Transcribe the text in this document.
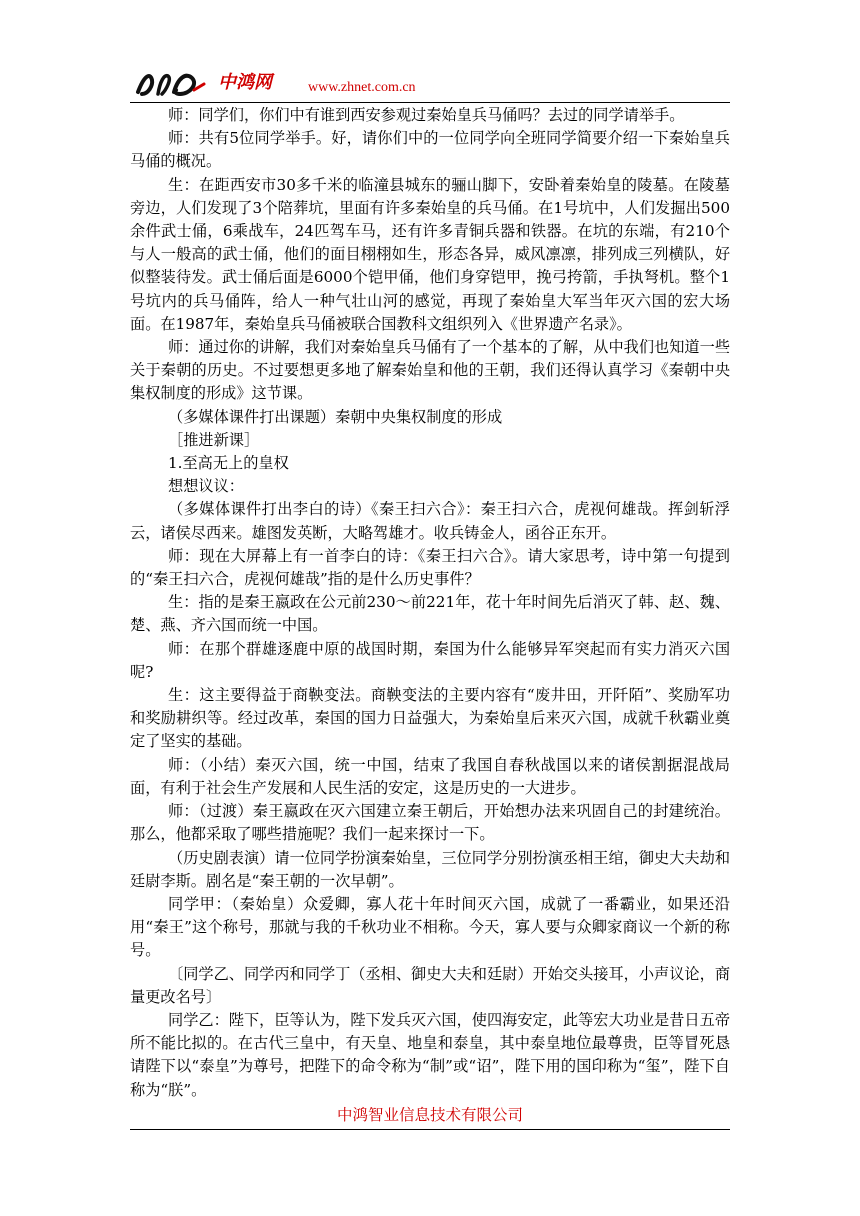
中鸿网	www.zhnet.com.cn

师：同学们，你们中有谁到西安参观过秦始皇兵马俑吗？去过的同学请举手。

师：共有5位同学举手。好，请你们中的一位同学向全班同学简要介绍一下秦始皇兵马俑的概况。

生：在距西安市30多千米的临潼县城东的骊山脚下，安卧着秦始皇的陵墓。在陵墓旁边，人们发现了3个陪葬坑，里面有许多秦始皇的兵马俑。在1号坑中，人们发掘出500余件武士俑，6乘战车，24匹驾车马，还有许多青铜兵器和铁器。在坑的东端，有210个与人一般高的武士俑，他们的面目栩栩如生，形态各异，威风凛凛，排列成三列横队，好似整装待发。武士俑后面是6000个铠甲俑，他们身穿铠甲，挽弓挎箭，手执弩机。整个1号坑内的兵马俑阵，给人一种气壮山河的感觉，再现了秦始皇大军当年灭六国的宏大场面。在1987年，秦始皇兵马俑被联合国教科文组织列入《世界遗产名录》。

师：通过你的讲解，我们对秦始皇兵马俑有了一个基本的了解，从中我们也知道一些关于秦朝的历史。不过要想更多地了解秦始皇和他的王朝，我们还得认真学习《秦朝中央集权制度的形成》这节课。

（多媒体课件打出课题）秦朝中央集权制度的形成

［推进新课］

1.至高无上的皇权

想想议议：

（多媒体课件打出李白的诗）《秦王扫六合》：秦王扫六合，虎视何雄哉。挥剑斩浮云，诸侯尽西来。雄图发英断，大略驾雄才。收兵铸金人，函谷正东开。

师：现在大屏幕上有一首李白的诗：《秦王扫六合》。请大家思考，诗中第一句提到的“秦王扫六合，虎视何雄哉”指的是什么历史事件？

生：指的是秦王嬴政在公元前230～前221年，花十年时间先后消灭了韩、赵、魏、楚、燕、齐六国而统一中国。

师：在那个群雄逐鹿中原的战国时期，秦国为什么能够异军突起而有实力消灭六国呢?

生：这主要得益于商鞅变法。商鞅变法的主要内容有“废井田，开阡陌”、奖励军功和奖励耕织等。经过改革，秦国的国力日益强大，为秦始皇后来灭六国，成就千秋霸业奠定了坚实的基础。

师：（小结）秦灭六国，统一中国，结束了我国自春秋战国以来的诸侯割据混战局面，有利于社会生产发展和人民生活的安定，这是历史的一大进步。

师：（过渡）秦王嬴政在灭六国建立秦王朝后，开始想办法来巩固自己的封建统治。那么，他都采取了哪些措施呢？我们一起来探讨一下。

（历史剧表演）请一位同学扮演秦始皇，三位同学分别扮演丞相王绾，御史大夫劫和廷尉李斯。剧名是“秦王朝的一次早朝”。

同学甲：（秦始皇）众爱卿，寡人花十年时间灭六国，成就了一番霸业，如果还沿用“秦王”这个称号，那就与我的千秋功业不相称。今天，寡人要与众卿家商议一个新的称号。

〔同学乙、同学丙和同学丁（丞相、御史大夫和廷尉）开始交头接耳，小声议论，商量更改名号〕

同学乙：陛下，臣等认为，陛下发兵灭六国，使四海安定，此等宏大功业是昔日五帝所不能比拟的。在古代三皇中，有天皇、地皇和泰皇，其中泰皇地位最尊贵，臣等冒死恳请陛下以“泰皇”为尊号，把陛下的命令称为“制”或“诏”，陛下用的国印称为“玺”，陛下自称为“朕”。

中鸿智业信息技术有限公司
